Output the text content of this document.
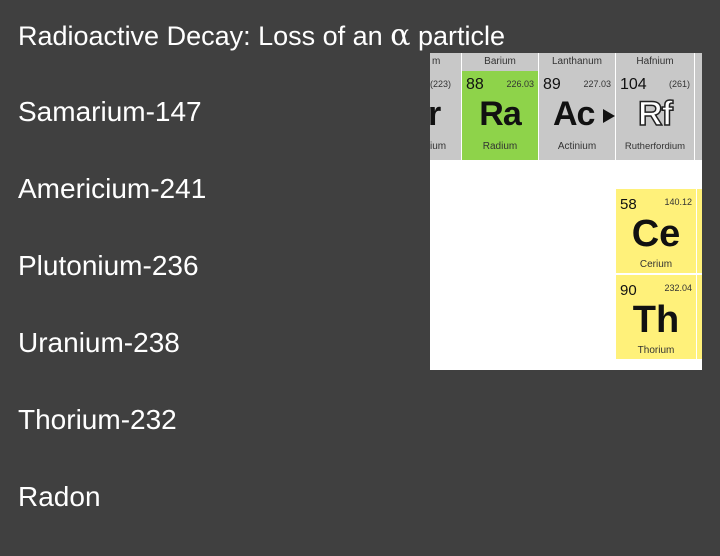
Radioactive Decay: Loss of an α particle
Samarium-147
Americium-241
Plutonium-236
Uranium-238
Thorium-232
Radon
m
(223)
r
ium
Barium
88	226.03
Ra
Radium
Lanthanum
89	227.03
Ac
Actinium
Hafnium
104 (261)
Rf
Rutherfordium
58	140.12
Ce
Cerium
90	232.04
Th
Thorium
